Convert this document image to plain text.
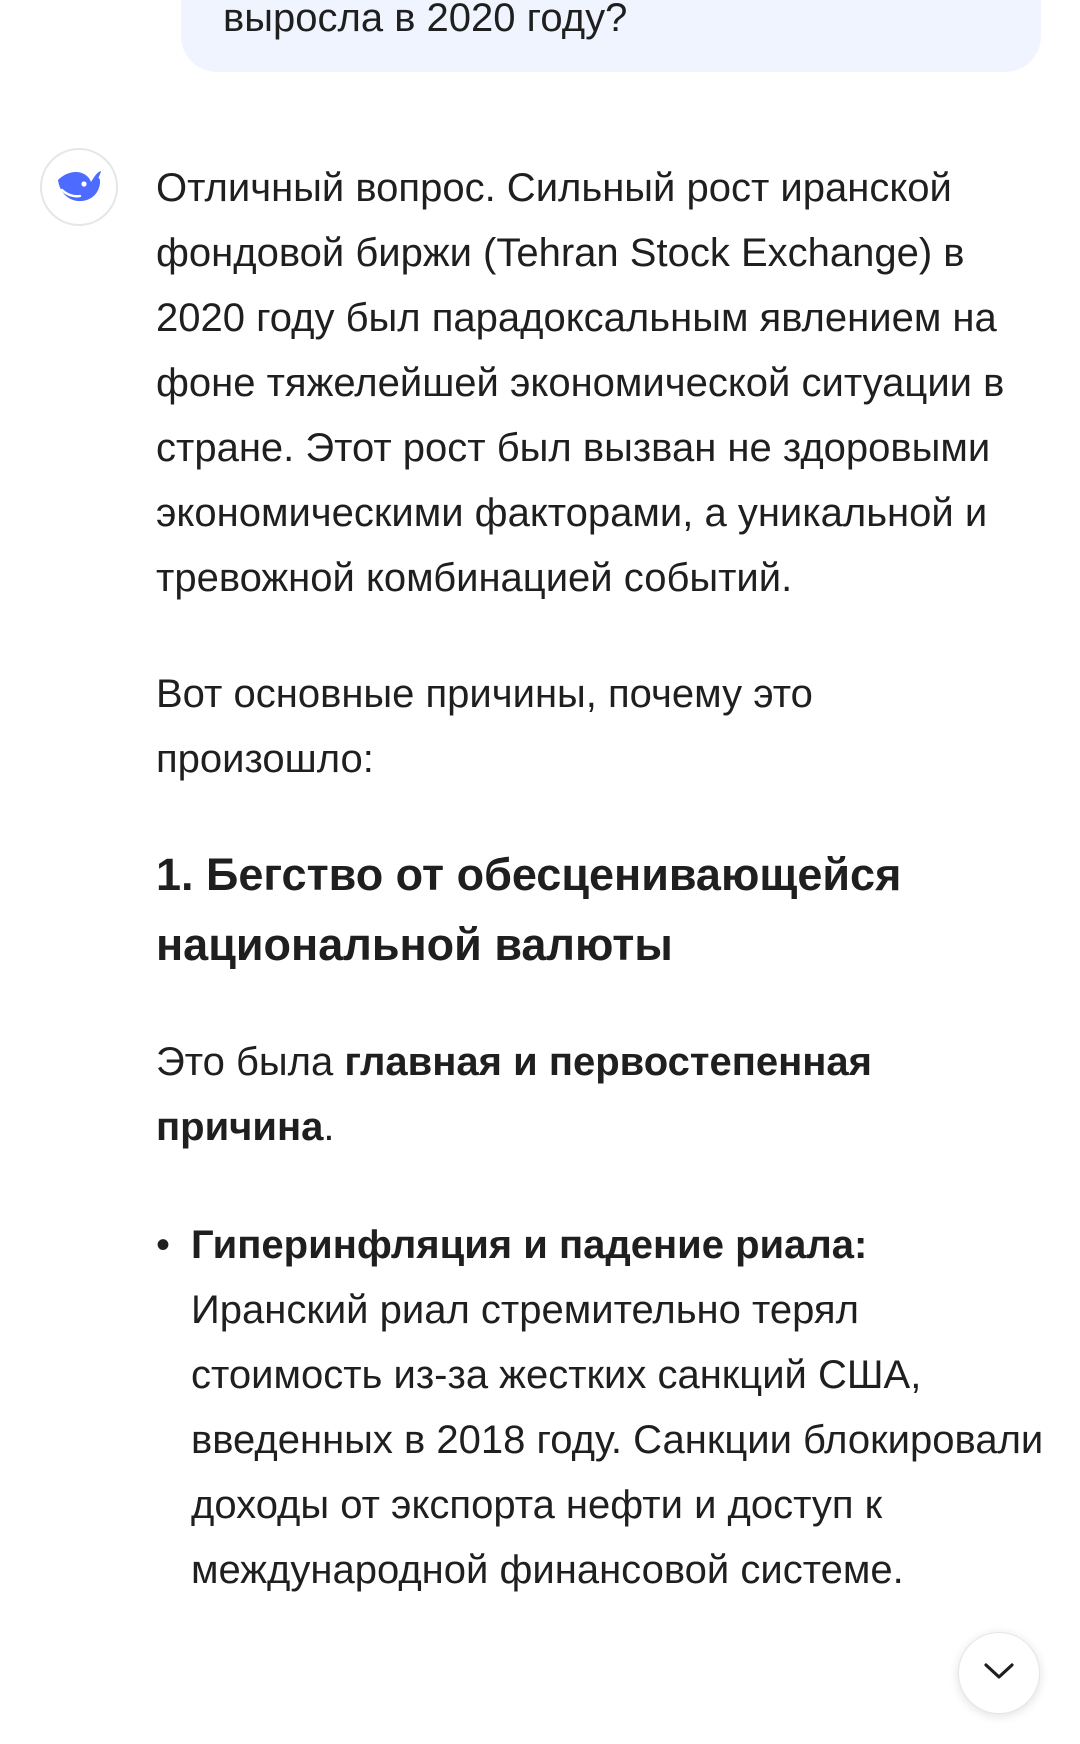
выросла в 2020 году?

Отличный вопрос. Сильный рост иранской фондовой биржи (Tehran Stock Exchange) в 2020 году был парадоксальным явлением на фоне тяжелейшей экономической ситуации в стране. Этот рост был вызван не здоровыми экономическими факторами, а уникальной и тревожной комбинацией событий.

Вот основные причины, почему это произошло:

1. Бегство от обесценивающейся национальной валюты

Это была главная и первостепенная причина.

• Гиперинфляция и падение риала: Иранский риал стремительно терял стоимость из-за жестких санкций США, введенных в 2018 году. Санкции блокировали доходы от экспорта нефти и доступ к международной финансовой системе.
